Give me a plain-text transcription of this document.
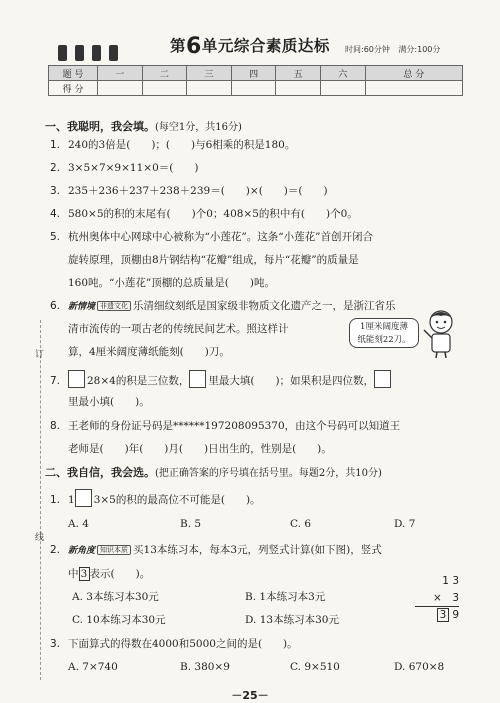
第6单元综合素质达标 时间:60分钟 满分:100分
题 号	一	二	三	四	五	六	总 分
得 分							
一、我聪明，我会填。(每空1分，共16分)
1. 240的3倍是(　　)；(　　)与6相乘的积是180。
2. 3×5×7×9×11×0＝(　　)
3. 235＋236＋237＋238＋239＝(　　)×(　　)＝(　　)
4. 580×5的积的末尾有(　　)个0；408×5的积中有(　　)个0。
5. 杭州奥体中心网球中心被称为“小莲花”。这条“小莲花”首创开闭合
旋转原理，顶棚由8片钢结构“花瓣”组成，每片“花瓣”的质量是
160吨。“小莲花”顶棚的总质量是(　　)吨。
6. 新情境 非遗文化 乐清细纹刻纸是国家级非物质文化遗产之一，是浙江省乐
清市流传的一项古老的传统民间艺术。照这样计
算，4厘米阔度薄纸能刻(　　)刀。
1厘米阔度薄
纸能刻22刀。
7.	28×4的积是三位数， 里最大填(　　)；如果积是四位数，
里最小填(　　)。
8. 王老师的身份证号码是******19720809​5370，由这个号码可以知道王
老师是(　　)年(　　)月(　　)日出生的，性别是(　　)。
二、我自信，我会选。(把正确答案的序号填在括号里。每题2分，共10分)
1. 1 3×5的积的最高位不可能是(　　)。
A. 4	B. 5	C. 6	D. 7
2. 新角度 知识本质 买13本练习本，每本3元，列竖式计算(如下图)，竖式
中 3 表示(　　)。
A. 3本练习本30元	B. 1本练习本3元
C. 10本练习本30元	D. 13本练习本30元
1 3
×　3
3 9
3. 下面算式的得数在4000和5000之间的是(　　)。
A. 7×740	B. 380×9	C. 9×510	D. 670×8
订
线
－25－
